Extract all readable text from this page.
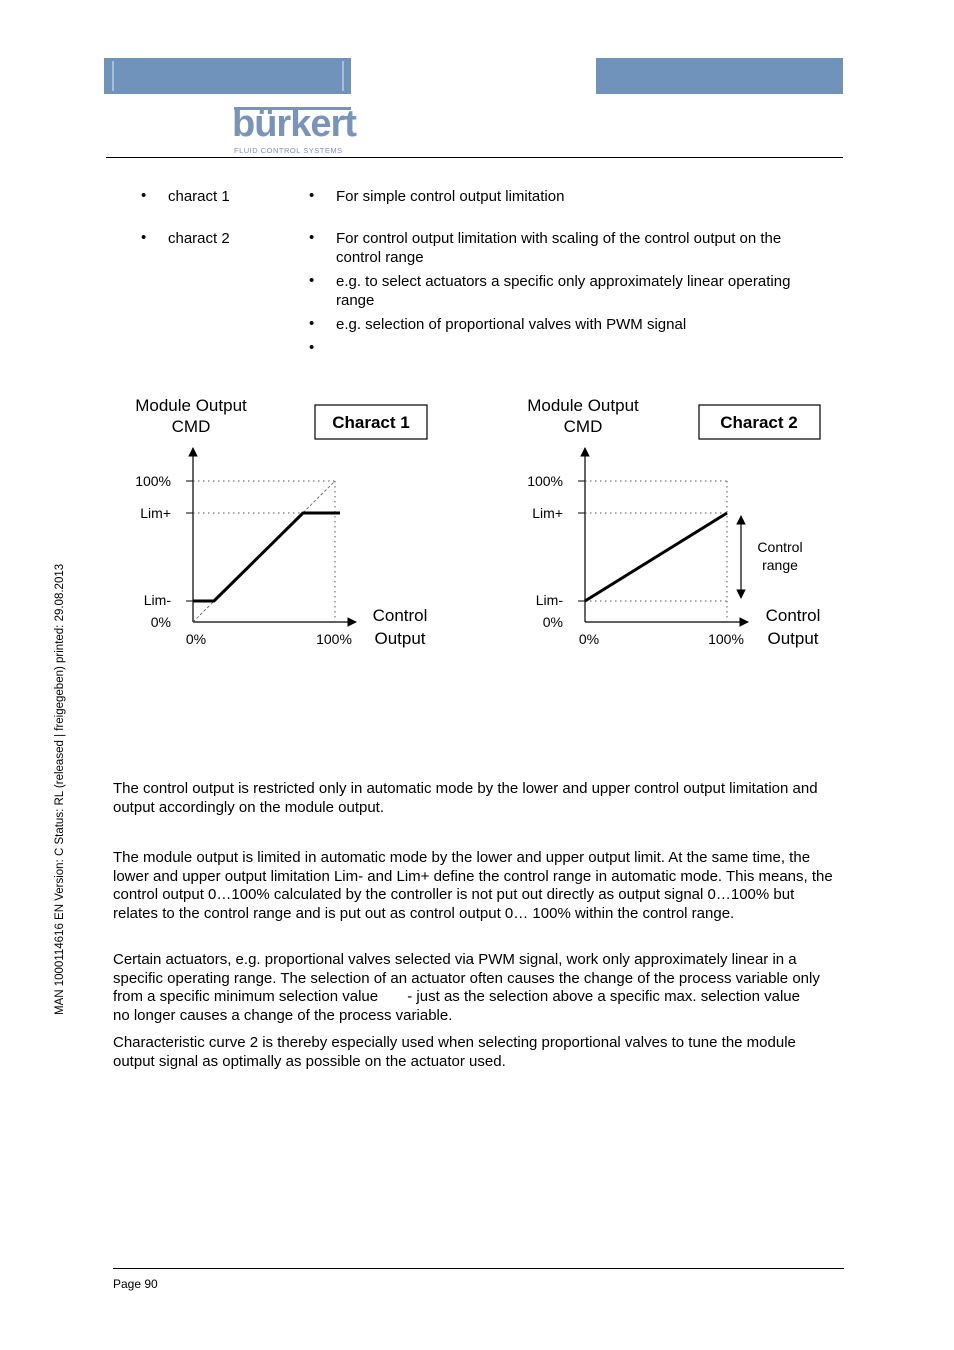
bürkert
FLUID CONTROL SYSTEMS
• charact 1	• For simple control output limitation
• charact 2	• For control output limitation with scaling of the control output on the control range
• e.g. to select actuators a specific only approximately linear operating range
• e.g. selection of proportional valves with PWM signal
•
Module Output
CMD	Charact 1
100%
Lim+
Lim-
0%
0%	100%
Control
Output
Module Output
CMD	Charact 2
100%
Lim+
Lim-
0%
0%	100%
Control
range
Control
Output
The control output is restricted only in automatic mode by the lower and upper control output limitation and output accordingly on the module output.
The module output is limited in automatic mode by the lower and upper output limit. At the same time, the lower and upper output limitation Lim- and Lim+ define the control range in automatic mode. This means, the control output 0…100% calculated by the controller is not put out directly as output signal 0…100% but relates to the control range and is put out as control output 0… 100% within the control range.
Certain actuators, e.g. proportional valves selected via PWM signal, work only approximately linear in a specific operating range. The selection of an actuator often causes the change of the process variable only from a specific minimum selection value       - just as the selection above a specific max. selection value          no longer causes a change of the process variable.
Characteristic curve 2 is thereby especially used when selecting proportional valves to tune the module output signal as optimally as possible on the actuator used.
MAN 1000114616 EN Version: C Status: RL (released | freigegeben) printed: 29.08.2013
Page 90
